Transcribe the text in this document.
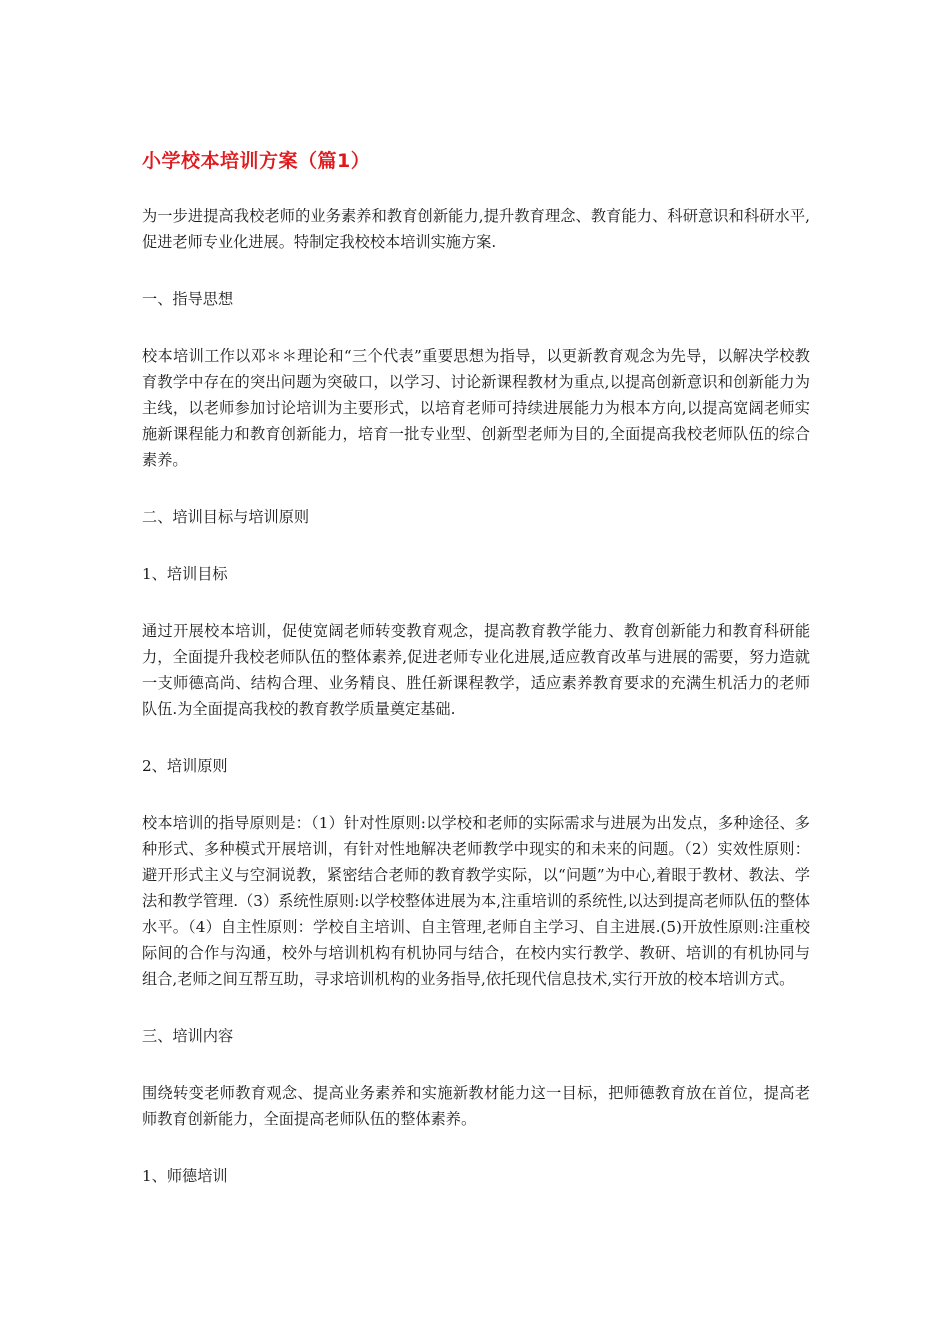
小学校本培训方案（篇1）

为一步进提高我校老师的业务素养和教育创新能力,提升教育理念、教育能力、科研意识和科研水平,促进老师专业化进展。特制定我校校本培训实施方案.

一、指导思想

校本培训工作以邓＊＊理论和“三个代表”重要思想为指导，以更新教育观念为先导，以解决学校教育教学中存在的突出问题为突破口，以学习、讨论新课程教材为重点,以提高创新意识和创新能力为主线，以老师参加讨论培训为主要形式，以培育老师可持续进展能力为根本方向,以提高宽阔老师实施新课程能力和教育创新能力，培育一批专业型、创新型老师为目的,全面提高我校老师队伍的综合素养。

二、培训目标与培训原则

1、培训目标

通过开展校本培训，促使宽阔老师转变教育观念，提高教育教学能力、教育创新能力和教育科研能力，全面提升我校老师队伍的整体素养,促进老师专业化进展,适应教育改革与进展的需要，努力造就一支师德高尚、结构合理、业务精良、胜任新课程教学，适应素养教育要求的充满生机活力的老师队伍.为全面提高我校的教育教学质量奠定基础.

2、培训原则

校本培训的指导原则是：（1）针对性原则:以学校和老师的实际需求与进展为出发点，多种途径、多种形式、多种模式开展培训，有针对性地解决老师教学中现实的和未来的问题。（2）实效性原则：避开形式主义与空洞说教，紧密结合老师的教育教学实际，以“问题”为中心,着眼于教材、教法、学法和教学管理.（3）系统性原则:以学校整体进展为本,注重培训的系统性,以达到提高老师队伍的整体水平。（4）自主性原则：学校自主培训、自主管理,老师自主学习、自主进展.(5)开放性原则:注重校际间的合作与沟通，校外与培训机构有机协同与结合，在校内实行教学、教研、培训的有机协同与组合,老师之间互帮互助，寻求培训机构的业务指导,依托现代信息技术,实行开放的校本培训方式。

三、培训内容

围绕转变老师教育观念、提高业务素养和实施新教材能力这一目标，把师德教育放在首位，提高老师教育创新能力，全面提高老师队伍的整体素养。

1、师德培训
